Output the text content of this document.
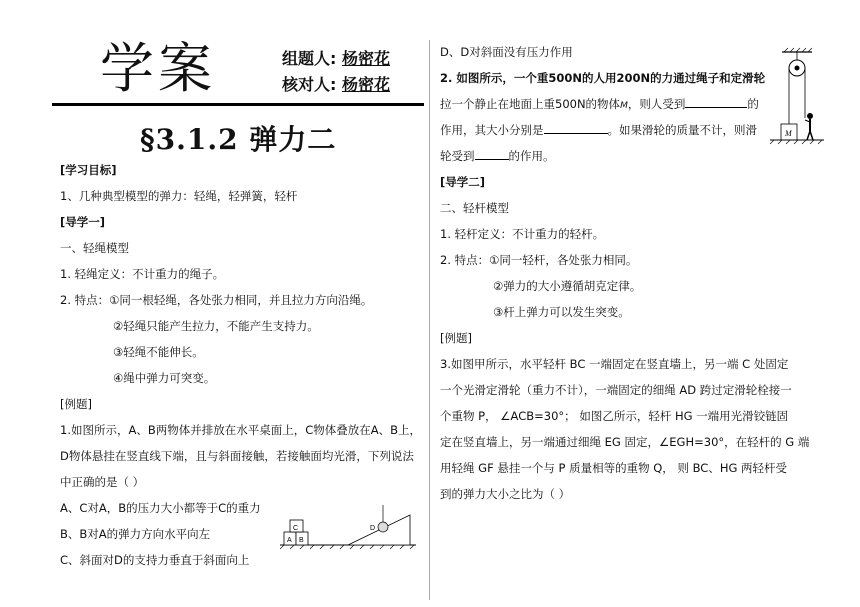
学案	组题人: 杨密花
核对人: 杨密花
§3.1.2 弹力二
[学习目标]
1、几种典型模型的弹力：轻绳，轻弹簧，轻杆
[导学一]
一、轻绳模型
1. 轻绳定义：不计重力的绳子。
2. 特点：①同一根轻绳，各处张力相同，并且拉力方向沿绳。
②轻绳只能产生拉力，不能产生支持力。
③轻绳不能伸长。
④绳中弹力可突变。
[例题]
1.如图所示，A、B两物体并排放在水平桌面上，C物体叠放在A、B上，
D物体悬挂在竖直线下端，且与斜面接触，若接触面均光滑，下列说法
中正确的是（ ）
A、C对A，B的压力大小都等于C的重力
B、B对A的弹力方向水平向左
C、斜面对D的支持力垂直于斜面向上
A B
C	D
D、D对斜面没有压力作用
2. 如图所示，一个重500N的人用200N的力通过绳子和定滑轮
拉一个静止在地面上重500N的物体M，则人受到	的
作用，其大小分别是	。如果滑轮的质量不计，则滑
轮受到	的作用。
M
[导学二]
二、轻杆模型
1. 轻杆定义：不计重力的轻杆。
2. 特点：①同一轻杆，各处张力相同。
②弹力的大小遵循胡克定律。
③杆上弹力可以发生突变。
[例题]
3.如图甲所示，水平轻杆 BC 一端固定在竖直墙上，另一端 C 处固定
一个光滑定滑轮（重力不计），一端固定的细绳 AD 跨过定滑轮栓接一
个重物 P， ∠ACB=30°； 如图乙所示，轻杆 HG 一端用光滑铰链固
定在竖直墙上，另一端通过细绳 EG 固定，∠EGH=30°，在轻杆的 G 端
用轻绳 GF 悬挂一个与 P 质量相等的重物 Q， 则 BC、HG 两轻杆受
到的弹力大小之比为（ ）
